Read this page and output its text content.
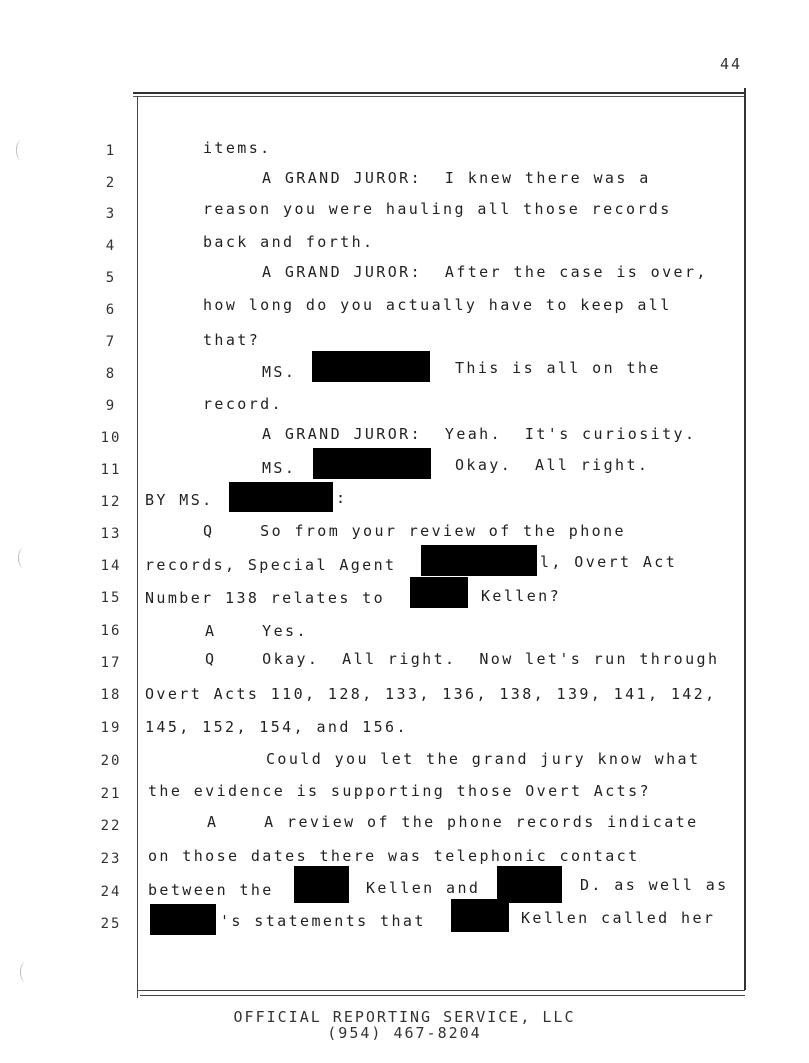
44
1
2
3
4
5
6
7
8
9
10
11
12
13
14
15
16
17
18
19
20
21
22
23
24
25
items.
A GRAND JUROR:  I knew there was a
reason you were hauling all those records
back and forth.
A GRAND JUROR:  After the case is over,
how long do you actually have to keep all
that?
MS.	This is all on the
record.
A GRAND JUROR:  Yeah.  It's curiosity.
MS.	Okay.  All right.
BY MS.	:
Q    So from your review of the phone
records, Special Agent	l, Overt Act
Number 138 relates to	Kellen?
A    Yes.
Q    Okay.  All right.  Now let's run through
Overt Acts 110, 128, 133, 136, 138, 139, 141, 142,
145, 152, 154, and 156.
Could you let the grand jury know what
the evidence is supporting those Overt Acts?
A    A review of the phone records indicate
on those dates there was telephonic contact
between the	Kellen and	D. as well as
's statements that	Kellen called her
OFFICIAL REPORTING SERVICE, LLC
(954) 467-8204
